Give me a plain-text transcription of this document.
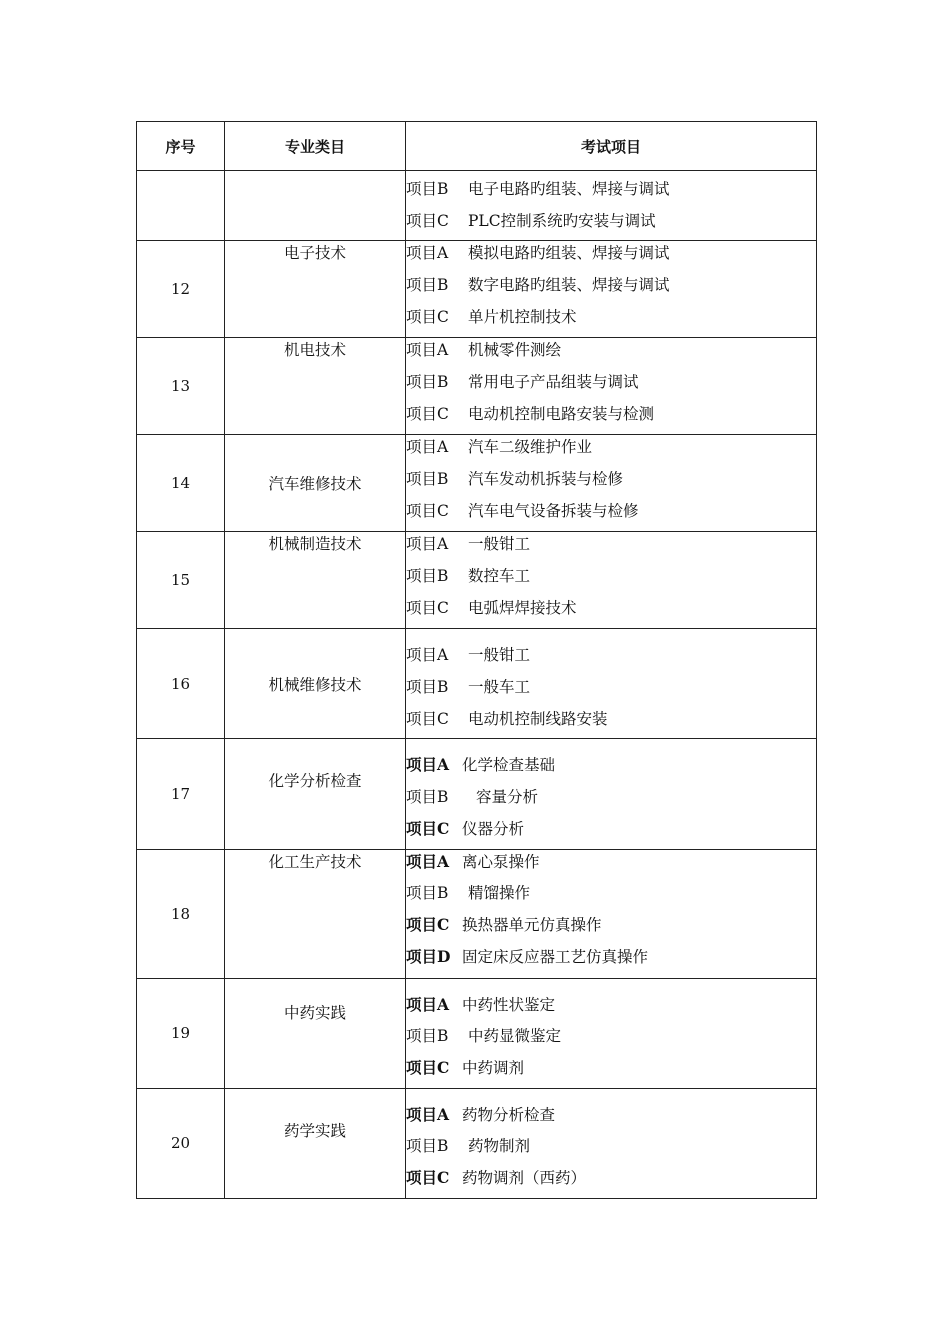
序号	专业类目	考试项目

		项目B 电子电路旳组装、焊接与调试
项目C PLC控制系统旳安装与调试

12	电子技术	项目A 模拟电路旳组装、焊接与调试
项目B 数字电路旳组装、焊接与调试
项目C 单片机控制技术

13	机电技术	项目A 机械零件测绘
项目B 常用电子产品组装与调试
项目C 电动机控制电路安装与检测

14	汽车维修技术	项目A 汽车二级维护作业
项目B 汽车发动机拆装与检修
项目C 汽车电气设备拆装与检修

15	机械制造技术	项目A 一般钳工
项目B 数控车工
项目C 电弧焊焊接技术

16	机械维修技术	项目A 一般钳工
项目B 一般车工
项目C 电动机控制线路安装

17	化学分析检查	项目A 化学检查基础
项目B 容量分析
项目C 仪器分析

18	化工生产技术	项目A 离心泵操作
项目B 精馏操作
项目C 换热器单元仿真操作
项目D 固定床反应器工艺仿真操作

19	中药实践	项目A 中药性状鉴定
项目B 中药显微鉴定
项目C 中药调剂

20	药学实践	项目A 药物分析检查
项目B 药物制剂
项目C 药物调剂（西药）
